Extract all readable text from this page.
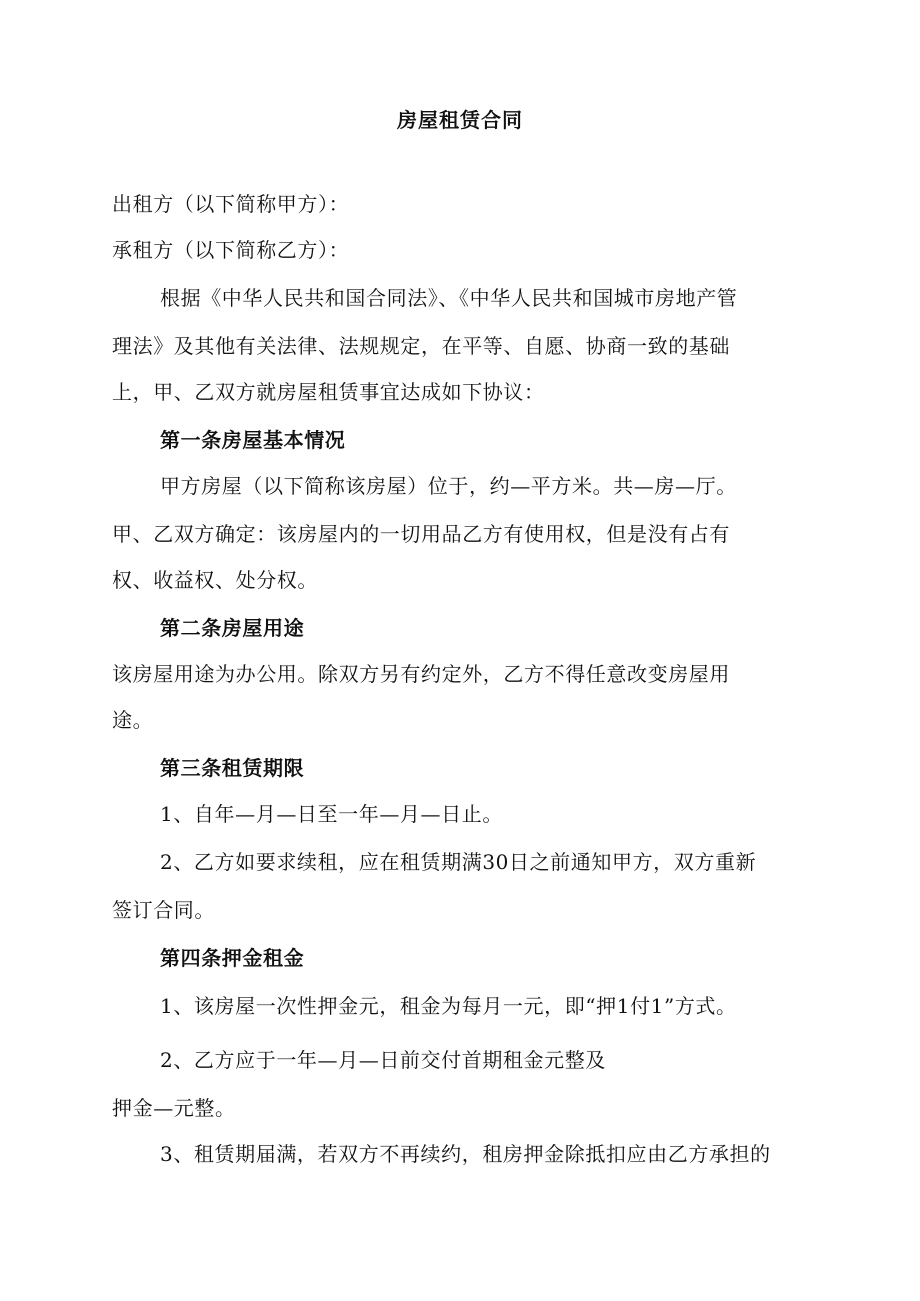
房屋租赁合同
出租方（以下简称甲方）：
承租方（以下简称乙方）：
根据《中华人民共和国合同法》、《中华人民共和国城市房地产管
理法》及其他有关法律、法规规定，在平等、自愿、协商一致的基础
上，甲、乙双方就房屋租赁事宜达成如下协议：
第一条房屋基本情况
甲方房屋（以下简称该房屋）位于，约—平方米。共—房—厅。
甲、乙双方确定：该房屋内的一切用品乙方有使用权，但是没有占有
权、收益权、处分权。
第二条房屋用途
该房屋用途为办公用。除双方另有约定外，乙方不得任意改变房屋用
途。
第三条租赁期限
1、自年—月—日至一年—月—日止。
2、乙方如要求续租，应在租赁期满30日之前通知甲方，双方重新
签订合同。
第四条押金租金
1、该房屋一次性押金元，租金为每月一元，即“押1付1”方式。
2、乙方应于一年—月—日前交付首期租金元整及
押金—元整。
3、租赁期届满，若双方不再续约，租房押金除抵扣应由乙方承担的
